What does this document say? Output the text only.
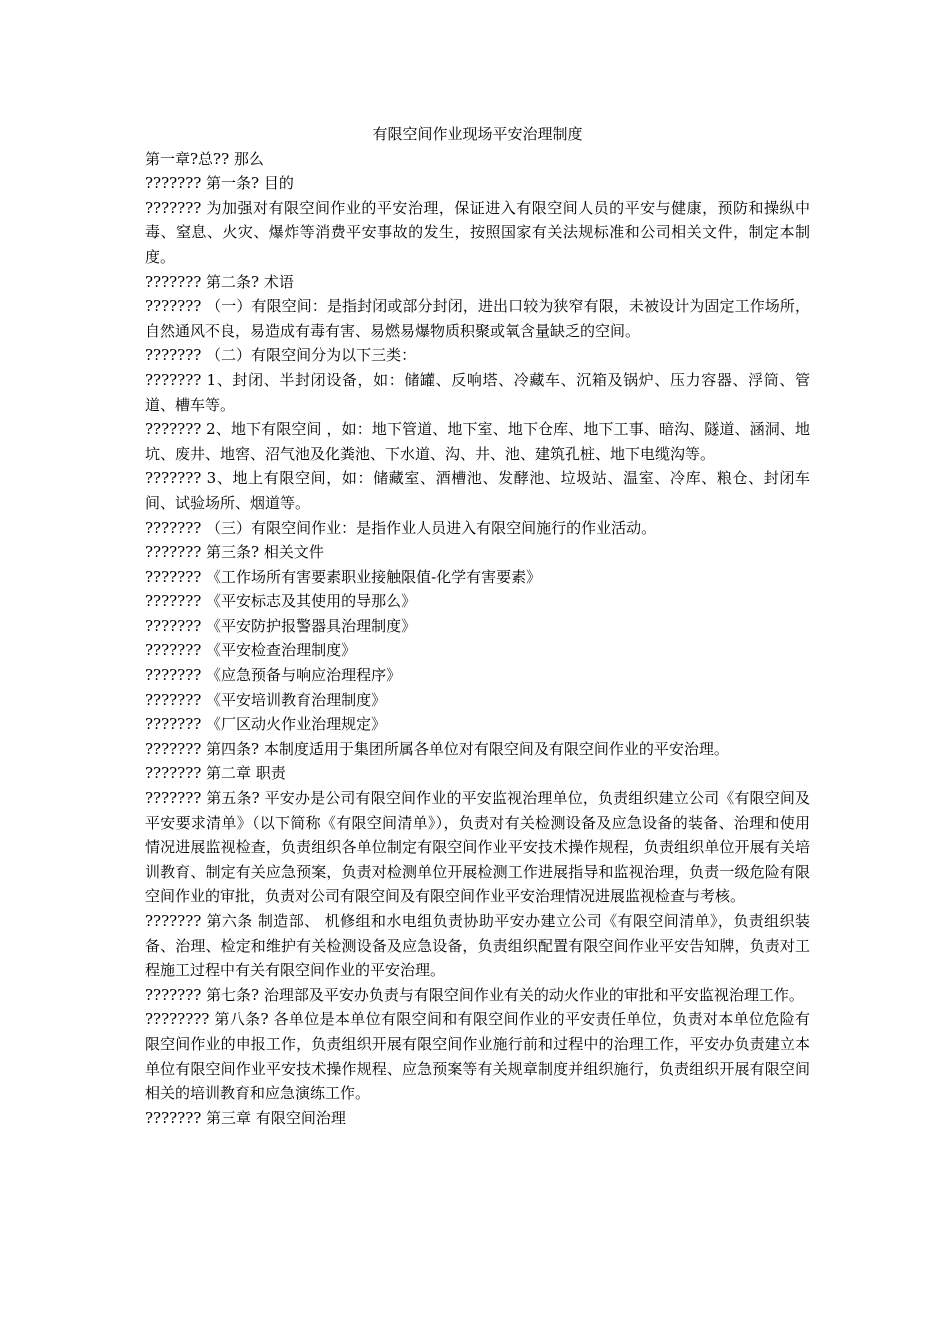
有限空间作业现场平安治理制度

第一章?总?? 那么

??????? 第一条? 目的

??????? 为加强对有限空间作业的平安治理，保证进入有限空间人员的平安与健康，预防和操纵中毒、窒息、火灾、爆炸等消费平安事故的发生，按照国家有关法规标准和公司相关文件，制定本制度。

??????? 第二条? 术语

??????? （一）有限空间：是指封闭或部分封闭，进出口较为狭窄有限，未被设计为固定工作场所，自然通风不良，易造成有毒有害、易燃易爆物质积聚或氧含量缺乏的空间。

??????? （二）有限空间分为以下三类：

??????? 1、封闭、半封闭设备，如：储罐、反响塔、冷藏车、沉箱及锅炉、压力容器、浮筒、管道、槽车等。

??????? 2、地下有限空间 ，如：地下管道、地下室、地下仓库、地下工事、暗沟、隧道、涵洞、地坑、废井、地窖、沼气池及化粪池、下水道、沟、井、池、建筑孔桩、地下电缆沟等。

??????? 3、地上有限空间，如：储藏室、酒槽池、发酵池、垃圾站、温室、冷库、粮仓、封闭车间、试验场所、烟道等。

??????? （三）有限空间作业：是指作业人员进入有限空间施行的作业活动。

??????? 第三条? 相关文件

??????? 《工作场所有害要素职业接触限值-化学有害要素》

??????? 《平安标志及其使用的导那么》

??????? 《平安防护报警器具治理制度》

??????? 《平安检查治理制度》

??????? 《应急预备与响应治理程序》

??????? 《平安培训教育治理制度》

??????? 《厂区动火作业治理规定》

??????? 第四条? 本制度适用于集团所属各单位对有限空间及有限空间作业的平安治理。

??????? 第二章 职责

??????? 第五条? 平安办是公司有限空间作业的平安监视治理单位，负责组织建立公司《有限空间及平安要求清单》（以下简称《有限空间清单》），负责对有关检测设备及应急设备的装备、治理和使用情况进展监视检查，负责组织各单位制定有限空间作业平安技术操作规程，负责组织单位开展有关培训教育、制定有关应急预案，负责对检测单位开展检测工作进展指导和监视治理，负责一级危险有限空间作业的审批，负责对公司有限空间及有限空间作业平安治理情况进展监视检查与考核。

??????? 第六条 制造部、 机修组和水电组负责协助平安办建立公司《有限空间清单》，负责组织装备、治理、检定和维护有关检测设备及应急设备，负责组织配置有限空间作业平安告知牌，负责对工程施工过程中有关有限空间作业的平安治理。

??????? 第七条? 治理部及平安办负责与有限空间作业有关的动火作业的审批和平安监视治理工作。

???????? 第八条? 各单位是本单位有限空间和有限空间作业的平安责任单位，负责对本单位危险有限空间作业的申报工作，负责组织开展有限空间作业施行前和过程中的治理工作，平安办负责建立本单位有限空间作业平安技术操作规程、应急预案等有关规章制度并组织施行，负责组织开展有限空间相关的培训教育和应急演练工作。

??????? 第三章 有限空间治理
